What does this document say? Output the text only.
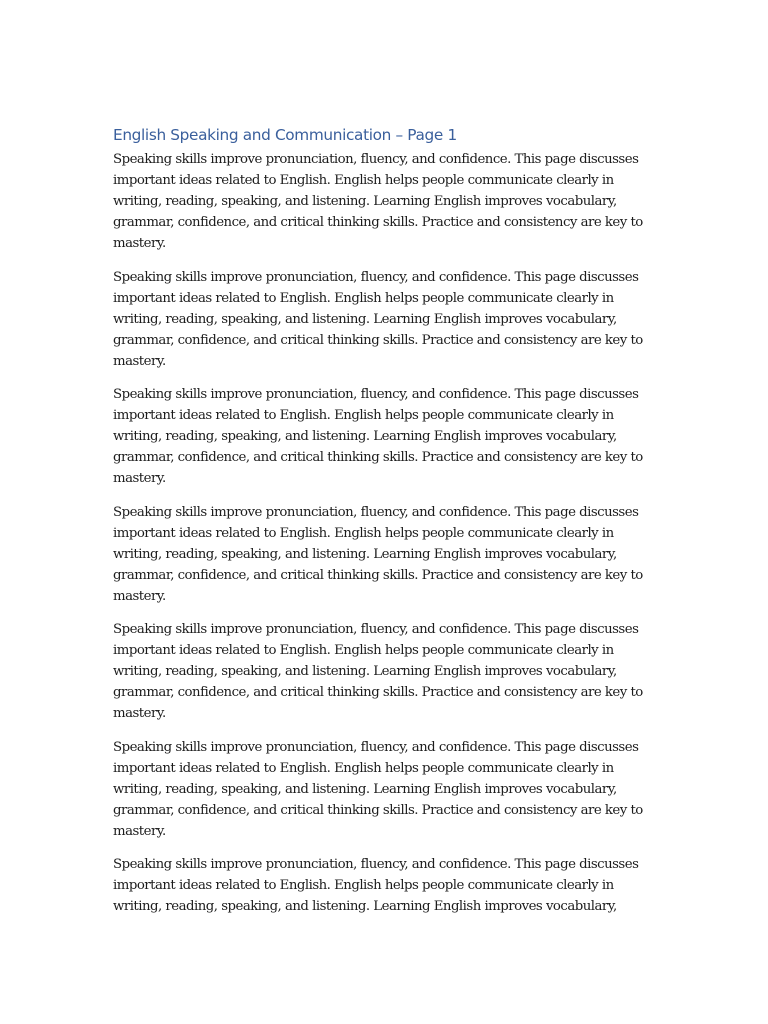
English Speaking and Communication – Page 1

Speaking skills improve pronunciation, fluency, and confidence. This page discusses
important ideas related to English. English helps people communicate clearly in
writing, reading, speaking, and listening. Learning English improves vocabulary,
grammar, confidence, and critical thinking skills. Practice and consistency are key to
mastery.

Speaking skills improve pronunciation, fluency, and confidence. This page discusses
important ideas related to English. English helps people communicate clearly in
writing, reading, speaking, and listening. Learning English improves vocabulary,
grammar, confidence, and critical thinking skills. Practice and consistency are key to
mastery.

Speaking skills improve pronunciation, fluency, and confidence. This page discusses
important ideas related to English. English helps people communicate clearly in
writing, reading, speaking, and listening. Learning English improves vocabulary,
grammar, confidence, and critical thinking skills. Practice and consistency are key to
mastery.

Speaking skills improve pronunciation, fluency, and confidence. This page discusses
important ideas related to English. English helps people communicate clearly in
writing, reading, speaking, and listening. Learning English improves vocabulary,
grammar, confidence, and critical thinking skills. Practice and consistency are key to
mastery.

Speaking skills improve pronunciation, fluency, and confidence. This page discusses
important ideas related to English. English helps people communicate clearly in
writing, reading, speaking, and listening. Learning English improves vocabulary,
grammar, confidence, and critical thinking skills. Practice and consistency are key to
mastery.

Speaking skills improve pronunciation, fluency, and confidence. This page discusses
important ideas related to English. English helps people communicate clearly in
writing, reading, speaking, and listening. Learning English improves vocabulary,
grammar, confidence, and critical thinking skills. Practice and consistency are key to
mastery.

Speaking skills improve pronunciation, fluency, and confidence. This page discusses
important ideas related to English. English helps people communicate clearly in
writing, reading, speaking, and listening. Learning English improves vocabulary,
